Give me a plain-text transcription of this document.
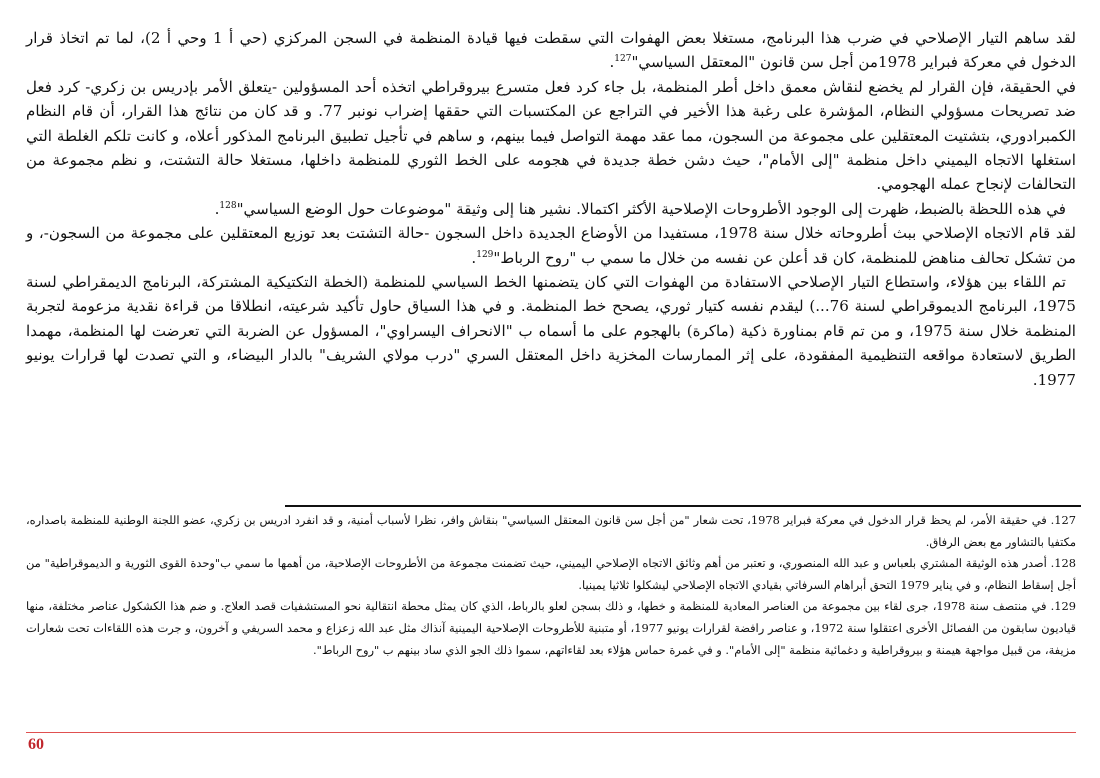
لقد ساهم التيار الإصلاحي في ضرب هذا البرنامج، مستغلا بعض الهفوات التي سقطت فيها قيادة المنظمة في السجن المركزي (حي أ 1 وحي أ 2)، لما تم اتخاذ قرار الدخول في معركة فبراير 1978من أجل سن قانون "المعتقل السياسي"$^{127}$.

في الحقيقة، فإن القرار لم يخضع لنقاش معمق داخل أطر المنظمة، بل جاء كرد فعل متسرع بيروقراطي اتخذه أحد المسؤولين -يتعلق الأمر بإدريس بن زكري- كرد فعل ضد تصريحات مسؤولي النظام، المؤشرة على رغبة هذا الأخير في التراجع عن المكتسبات التي حققها إضراب نونبر 77. و قد كان من نتائج هذا القرار، أن قام النظام الكمبرادوري، بتشتيت المعتقلين على مجموعة من السجون، مما عقد مهمة التواصل فيما بينهم، و ساهم في تأجيل تطبيق البرنامج المذكور أعلاه، و كانت تلكم الغلطة التي استغلها الاتجاه اليميني داخل منظمة "إلى الأمام"، حيث دشن خطة جديدة في هجومه على الخط الثوري للمنظمة داخلها، مستغلا حالة التشتت، و نظم مجموعة من التحالفات لإنجاح عمله الهجومي.

في هذه اللحظة بالضبط، ظهرت إلى الوجود الأطروحات الإصلاحية الأكثر اكتمالا. نشير هنا إلى وثيقة "موضوعات حول الوضع السياسي"$^{128}$.

لقد قام الاتجاه الإصلاحي ببث أطروحاته خلال سنة 1978، مستفيدا من الأوضاع الجديدة داخل السجون -حالة التشتت بعد توزيع المعتقلين على مجموعة من السجون-، و من تشكل تحالف مناهض للمنظمة، كان قد أعلن عن نفسه من خلال ما سمي ب "روح الرباط"$^{129}$.

تم اللقاء بين هؤلاء، واستطاع التيار الإصلاحي الاستفادة من الهفوات التي كان يتضمنها الخط السياسي للمنظمة (الخطة التكتيكية المشتركة، البرنامج الديمقراطي لسنة 1975، البرنامج الديموقراطي لسنة 76...) ليقدم نفسه كتيار ثوري، يصحح خط المنظمة. و في هذا السياق حاول تأكيد شرعيته، انطلاقا من قراءة نقدية مزعومة لتجربة المنظمة خلال سنة 1975، و من تم قام بمناورة ذكية (ماكرة) بالهجوم على ما أسماه ب "الانحراف اليسراوي"، المسؤول عن الضربة التي تعرضت لها المنظمة، مهمدا الطريق لاستعادة مواقعه التنظيمية المفقودة، على إثر الممارسات المخزية داخل المعتقل السري "درب مولاي الشريف" بالدار البيضاء، و التي تصدت لها قرارات يونيو 1977.

127. في حقيقة الأمر، لم يحظ قرار الدخول في معركة فبراير 1978، تحت شعار "من أجل سن قانون المعتقل السياسي" بنقاش وافر، نظرا لأسباب أمنية، و قد انفرد ادريس بن زكري، عضو اللجنة الوطنية للمنظمة باصداره، مكتفيا بالتشاور مع بعض الرفاق.

128. أصدر هذه الوثيقة المشتري بلعباس و عبد الله المنصوري، و تعتبر من أهم وثائق الاتجاه الإصلاحي اليميني، حيث تضمنت مجموعة من الأطروحات الإصلاحية، من أهمها ما سمي ب"وحدة القوى الثورية و الديموقراطية" من أجل إسقاط النظام، و في يناير 1979 التحق أبراهام السرفاتي بقيادي الاتجاه الإصلاحي ليشكلوا ثلاثيا يمينيا.

129. في منتصف سنة 1978، جرى لقاء بين مجموعة من العناصر المعادية للمنظمة و خطها، و ذلك بسجن لعلو بالرباط، الذي كان يمثل محطة انتقالية نحو المستشفيات قصد العلاج. و ضم هذا الكشكول عناصر مختلفة، منها قياديون سابقون من الفصائل الأخرى اعتقلوا سنة 1972، و عناصر رافضة لقرارات يونيو 1977، أو متبنية للأطروحات الإصلاحية اليمينية آنذاك مثل عبد الله زعزاع و محمد السريفي و آخرون، و جرت هذه اللقاءات تحت شعارات مزيفة، من قبيل مواجهة هيمنة و بيروقراطية و دغمائية منظمة "إلى الأمام". و في غمرة حماس هؤلاء بعد لقاءاتهم، سموا ذلك الجو الذي ساد بينهم ب "روح الرباط".

60
